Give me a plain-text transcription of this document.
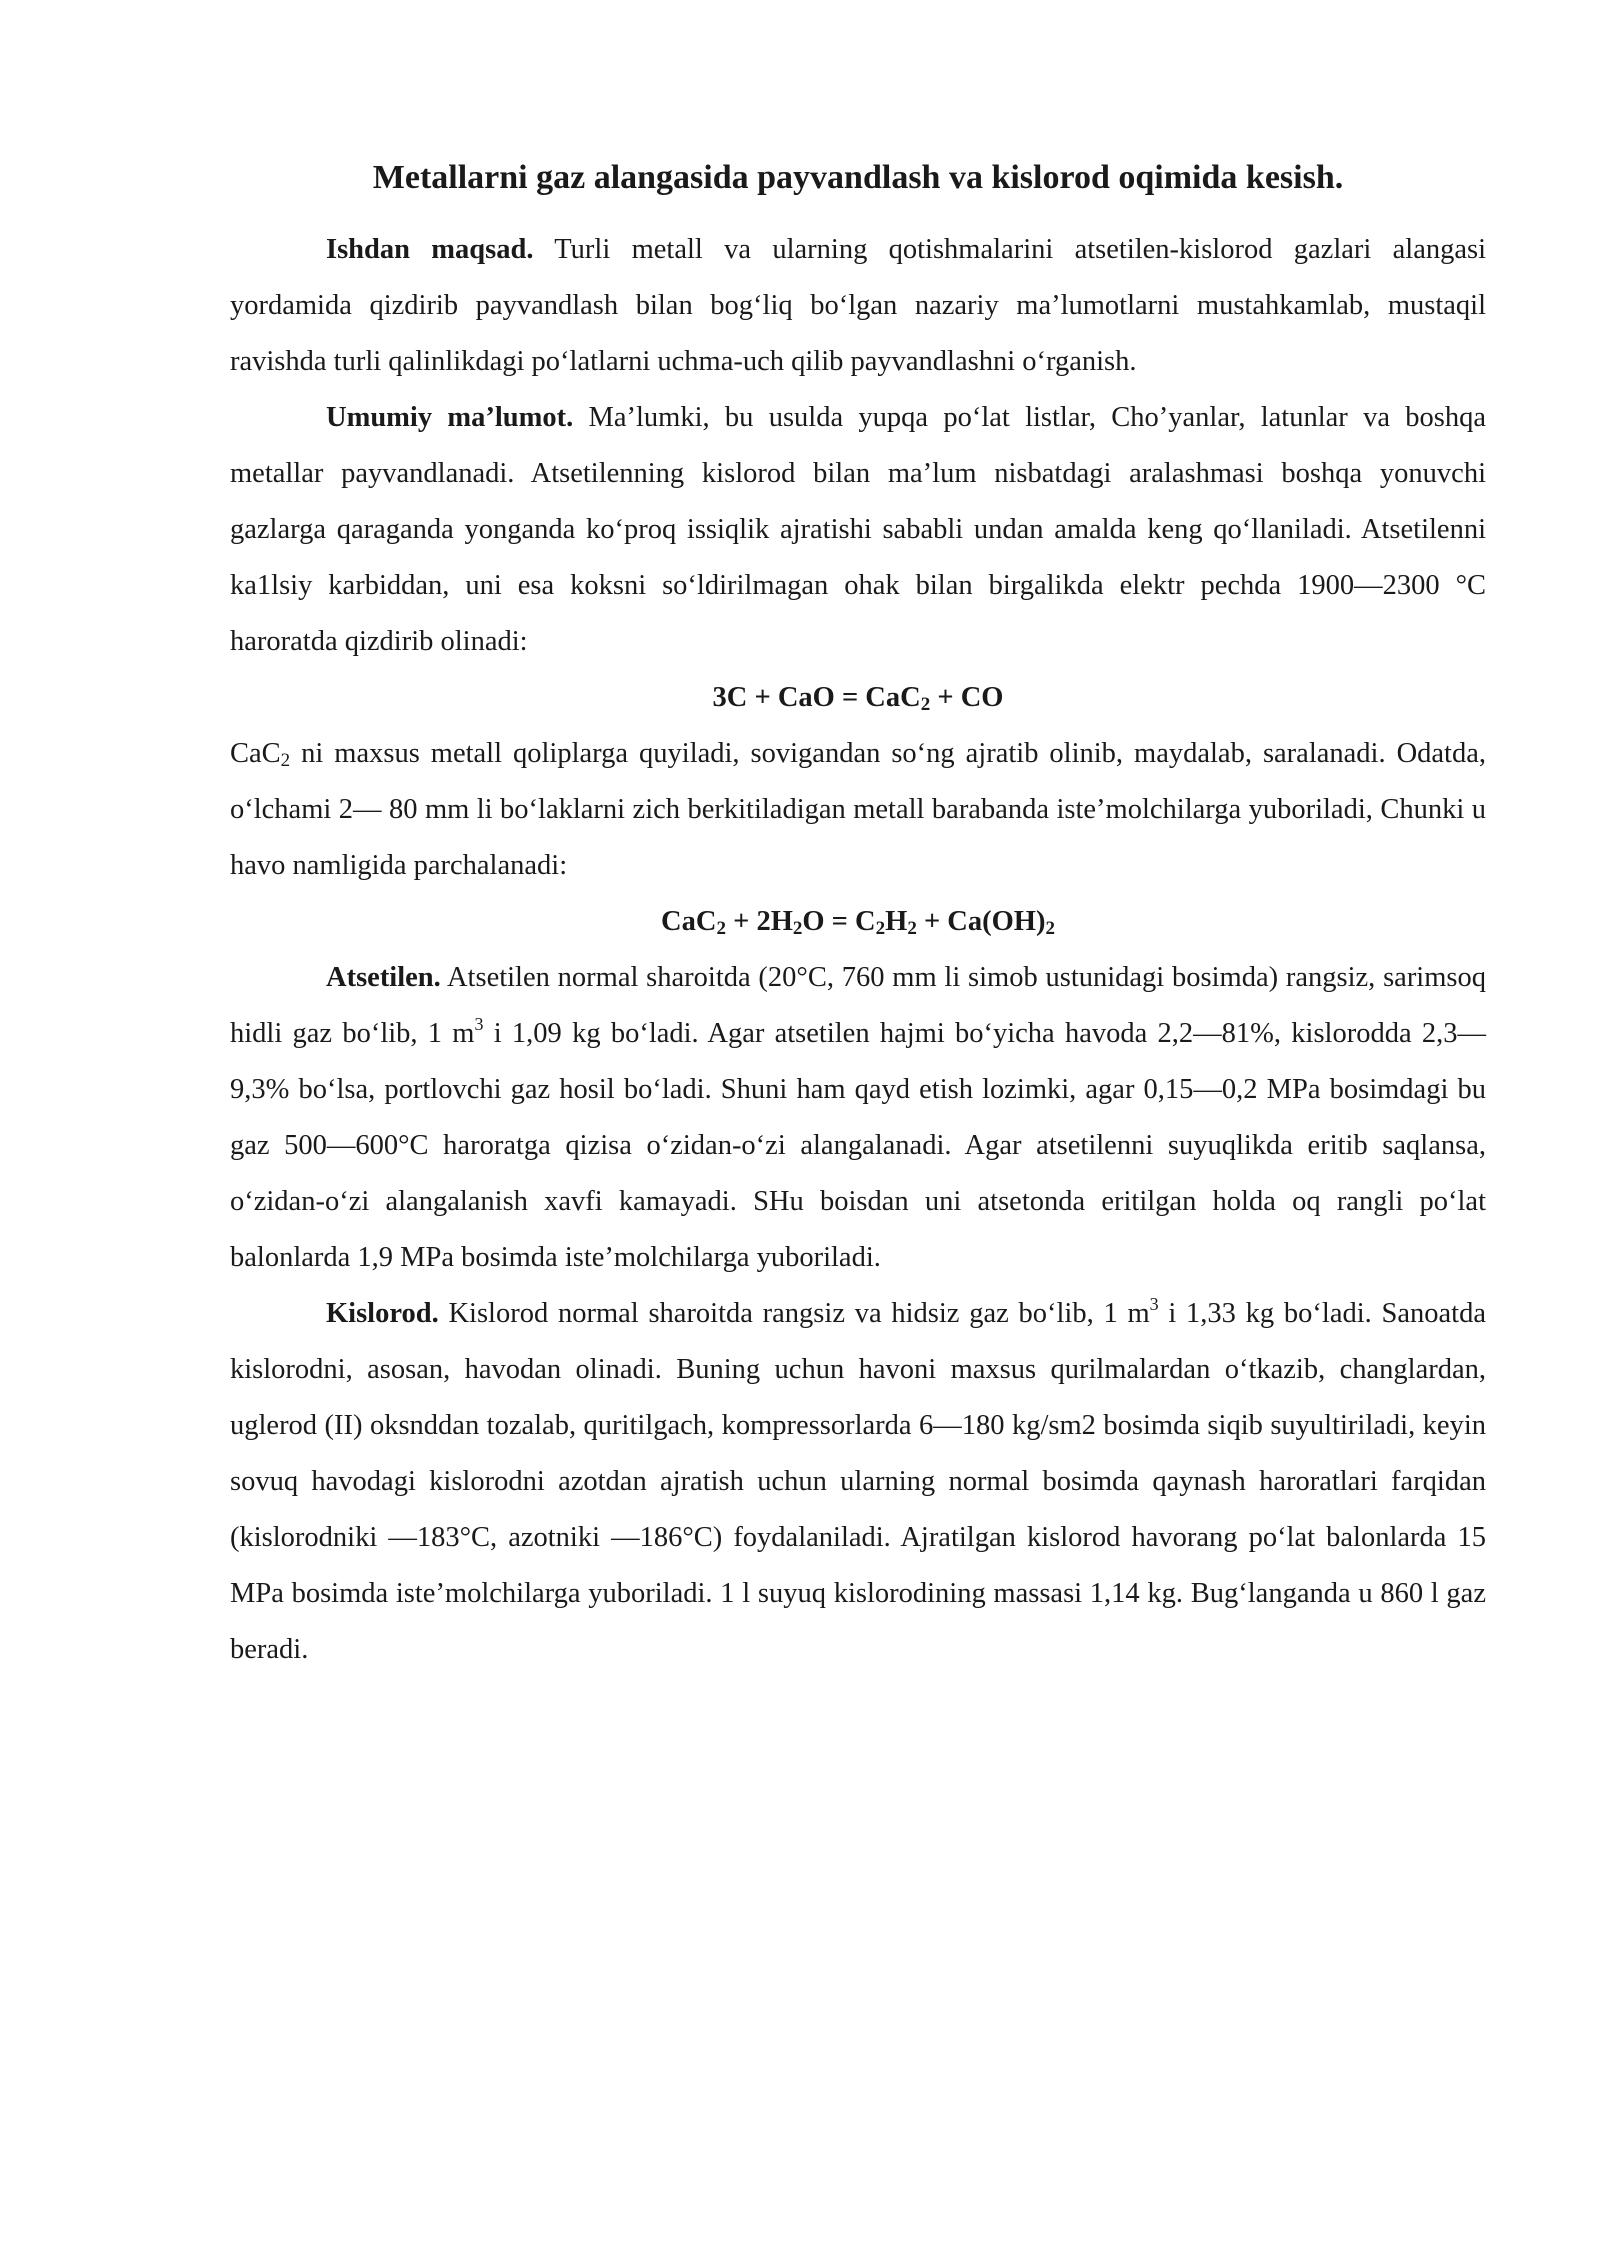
Metallarni gaz alangasida payvandlash va kislorod oqimida kesish.

Ishdan maqsad. Turli metall va ularning qotishmalarini atsetilen-kislorod gazlari alangasi yordamida qizdirib payvandlash bilan bog‘liq bo‘lgan nazariy ma’lumotlarni mustahkamlab, mustaqil ravishda turli qalinlikdagi po‘latlarni uchma-uch qilib payvandlashni o‘rganish.

Umumiy ma’lumot. Ma’lumki, bu usulda yupqa po‘lat listlar, Cho’yanlar, latunlar va boshqa metallar payvandlanadi. Atsetilenning kislorod bilan ma’lum nisbatdagi aralashmasi boshqa yonuvchi gazlarga qaraganda yonganda ko‘proq issiqlik ajratishi sababli undan amalda keng qo‘llaniladi. Atsetilenni ka1lsiy karbiddan, uni esa koksni so‘ldirilmagan ohak bilan birgalikda elektr pechda 1900—2300 °C haroratda qizdirib olinadi:

3C + CaO = CaC$_2$ + CO

CaC$_2$ ni maxsus metall qoliplarga quyiladi, sovigandan so‘ng ajratib olinib, maydalab, saralanadi. Odatda, o‘lchami 2— 80 mm li bo‘laklarni zich berkitiladigan metall barabanda iste’molchilarga yuboriladi, Chunki u havo namligida parchalanadi:

$CaC_2 + 2H_2O = C_2H_2 + Ca(OH)_2$

Atsetilen. Atsetilen normal sharoitda (20°C, 760 mm li simob ustunidagi bosimda) rangsiz, sarimsoq hidli gaz bo‘lib, 1 $m^3$ i 1,09 kg bo‘ladi. Agar atsetilen hajmi bo‘yicha havoda 2,2—81%, kislorodda 2,3—9,3% bo‘lsa, portlovchi gaz hosil bo‘ladi. Shuni ham qayd etish lozimki, agar 0,15—0,2 MPa bosimdagi bu gaz 500—600°C haroratga qizisa o‘zidan-o‘zi alangalanadi. Agar atsetilenni suyuqlikda eritib saqlansa, o‘zidan-o‘zi alangalanish xavfi kamayadi. SHu boisdan uni atsetonda eritilgan holda oq rangli po‘lat balonlarda 1,9 MPa bosimda iste’molchilarga yuboriladi.

Kislorod. Kislorod normal sharoitda rangsiz va hidsiz gaz bo‘lib, 1 $m^3$ i 1,33 kg bo‘ladi. Sanoatda kislorodni, asosan, havodan olinadi. Buning uchun havoni maxsus qurilmalardan o‘tkazib, changlardan, uglerod (II) oksnddan tozalab, quritilgach, kompressorlarda 6—180 kg/sm2 bosimda siqib suyultiriladi, keyin sovuq havodagi kislorodni azotdan ajratish uchun ularning normal bosimda qaynash haroratlari farqidan (kislorodniki —183°C, azotniki —186°C) foydalaniladi. Ajratilgan kislorod havorang po‘lat balonlarda 15 MPa bosimda iste’molchilarga yuboriladi. 1 l suyuq kislorodining massasi 1,14 kg. Bug‘langanda u 860 l gaz beradi.
